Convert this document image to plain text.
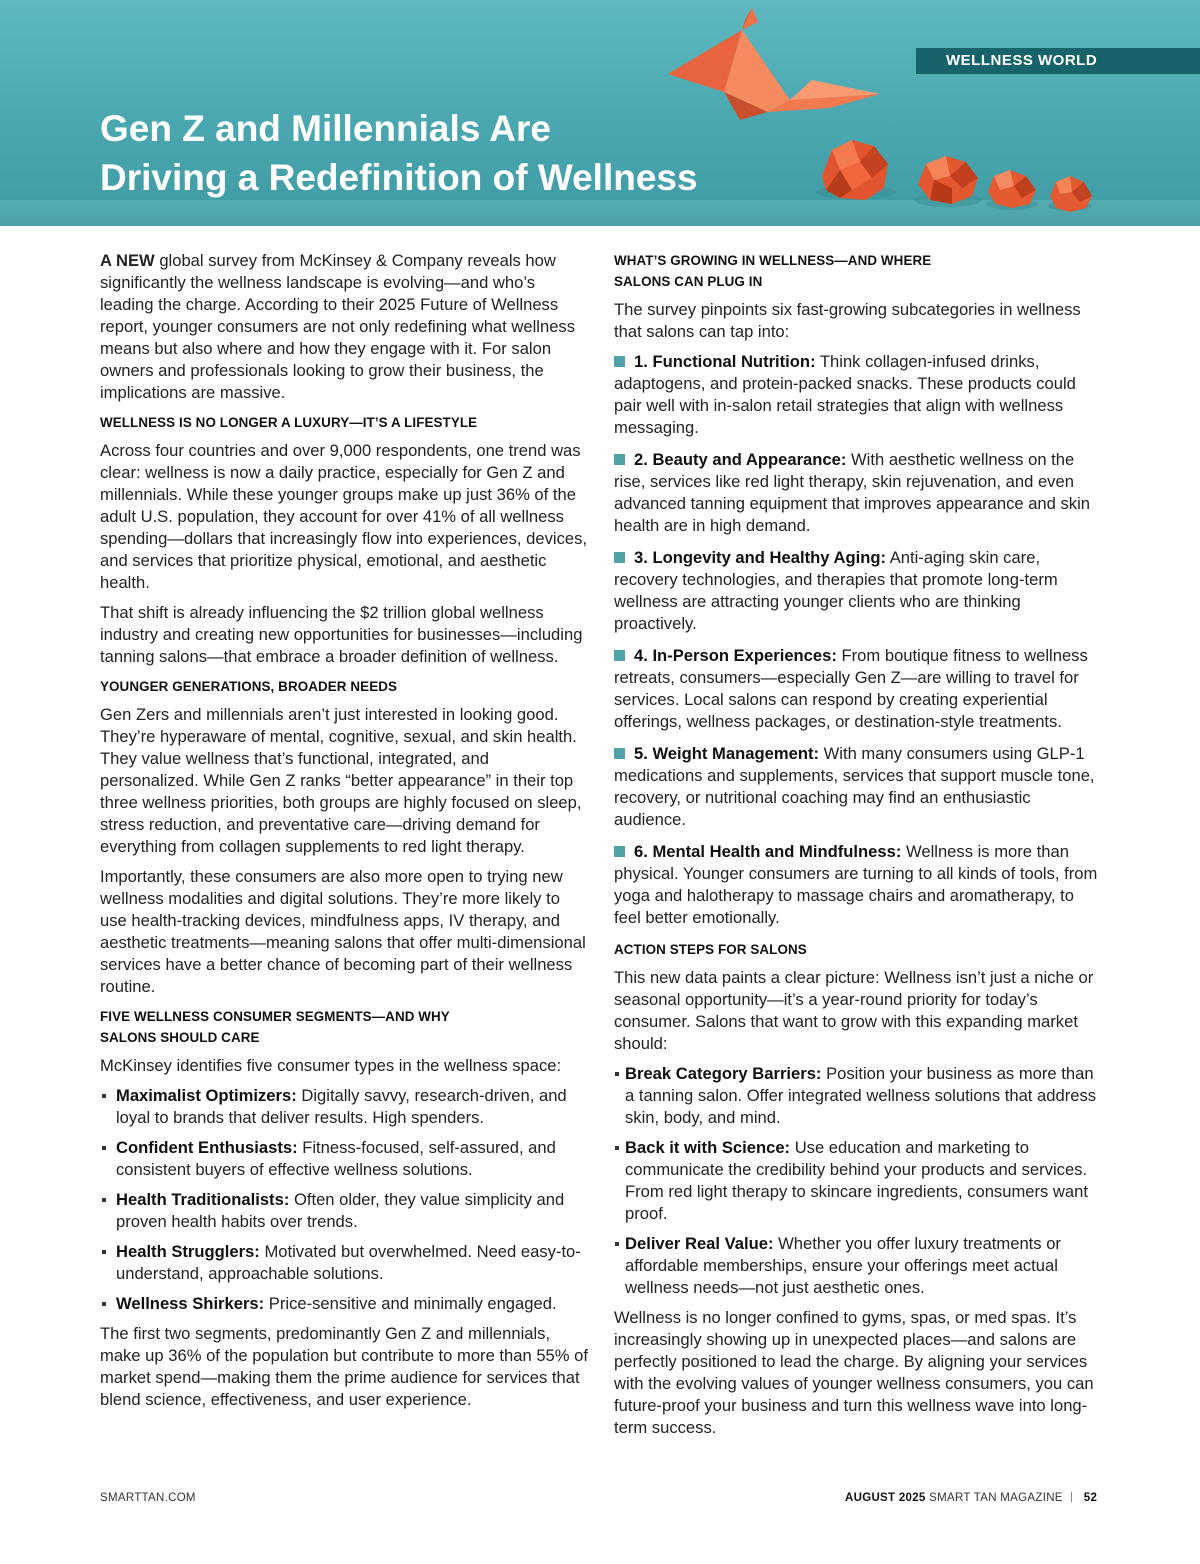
WELLNESS WORLD
Gen Z and Millennials Are
Driving a Redefinition of Wellness

A NEW global survey from McKinsey & Company reveals how significantly the wellness landscape is evolving—and who’s leading the charge. According to their 2025 Future of Wellness report, younger consumers are not only redefining what wellness means but also where and how they engage with it. For salon owners and professionals looking to grow their business, the implications are massive.

WELLNESS IS NO LONGER A LUXURY—IT’S A LIFESTYLE

Across four countries and over 9,000 respondents, one trend was clear: wellness is now a daily practice, especially for Gen Z and millennials. While these younger groups make up just 36% of the adult U.S. population, they account for over 41% of all wellness spending—dollars that increasingly flow into experiences, devices, and services that prioritize physical, emotional, and aesthetic health.

That shift is already influencing the $2 trillion global wellness industry and creating new opportunities for businesses—including tanning salons—that embrace a broader definition of wellness.

YOUNGER GENERATIONS, BROADER NEEDS

Gen Zers and millennials aren’t just interested in looking good. They’re hyperaware of mental, cognitive, sexual, and skin health. They value wellness that’s functional, integrated, and personalized. While Gen Z ranks “better appearance” in their top three wellness priorities, both groups are highly focused on sleep, stress reduction, and preventative care—driving demand for everything from collagen supplements to red light therapy.

Importantly, these consumers are also more open to trying new wellness modalities and digital solutions. They’re more likely to use health-tracking devices, mindfulness apps, IV therapy, and aesthetic treatments—meaning salons that offer multi-dimensional services have a better chance of becoming part of their wellness routine.

FIVE WELLNESS CONSUMER SEGMENTS—AND WHY
SALONS SHOULD CARE

McKinsey identifies five consumer types in the wellness space:

Maximalist Optimizers: Digitally savvy, research-driven, and loyal to brands that deliver results. High spenders.
Confident Enthusiasts: Fitness-focused, self-assured, and consistent buyers of effective wellness solutions.
Health Traditionalists: Often older, they value simplicity and proven health habits over trends.
Health Strugglers: Motivated but overwhelmed. Need easy-to-understand, approachable solutions.
Wellness Shirkers: Price-sensitive and minimally engaged.

The first two segments, predominantly Gen Z and millennials, make up 36% of the population but contribute to more than 55% of market spend—making them the prime audience for services that blend science, effectiveness, and user experience.

WHAT’S GROWING IN WELLNESS—AND WHERE
SALONS CAN PLUG IN

The survey pinpoints six fast-growing subcategories in wellness that salons can tap into:

1. Functional Nutrition: Think collagen-infused drinks, adaptogens, and protein-packed snacks. These products could pair well with in-salon retail strategies that align with wellness messaging.
2. Beauty and Appearance: With aesthetic wellness on the rise, services like red light therapy, skin rejuvenation, and even advanced tanning equipment that improves appearance and skin health are in high demand.
3. Longevity and Healthy Aging: Anti-aging skin care, recovery technologies, and therapies that promote long-term wellness are attracting younger clients who are thinking proactively.
4. In-Person Experiences: From boutique fitness to wellness retreats, consumers—especially Gen Z—are willing to travel for services. Local salons can respond by creating experiential offerings, wellness packages, or destination-style treatments.
5. Weight Management: With many consumers using GLP-1 medications and supplements, services that support muscle tone, recovery, or nutritional coaching may find an enthusiastic audience.
6. Mental Health and Mindfulness: Wellness is more than physical. Younger consumers are turning to all kinds of tools, from yoga and halotherapy to massage chairs and aromatherapy, to feel better emotionally.
ACTION STEPS FOR SALONS

This new data paints a clear picture: Wellness isn’t just a niche or seasonal opportunity—it’s a year-round priority for today’s consumer. Salons that want to grow with this expanding market should:

Break Category Barriers: Position your business as more than a tanning salon. Offer integrated wellness solutions that address skin, body, and mind.
Back it with Science: Use education and marketing to communicate the credibility behind your products and services. From red light therapy to skincare ingredients, consumers want proof.
Deliver Real Value: Whether you offer luxury treatments or affordable memberships, ensure your offerings meet actual wellness needs—not just aesthetic ones.

Wellness is no longer confined to gyms, spas, or med spas. It’s increasingly showing up in unexpected places—and salons are perfectly positioned to lead the charge. By aligning your services with the evolving values of younger wellness consumers, you can future-proof your business and turn this wellness wave into long-term success.

SMARTTAN.COM	AUGUST 2025 SMART TAN MAGAZINE 52
